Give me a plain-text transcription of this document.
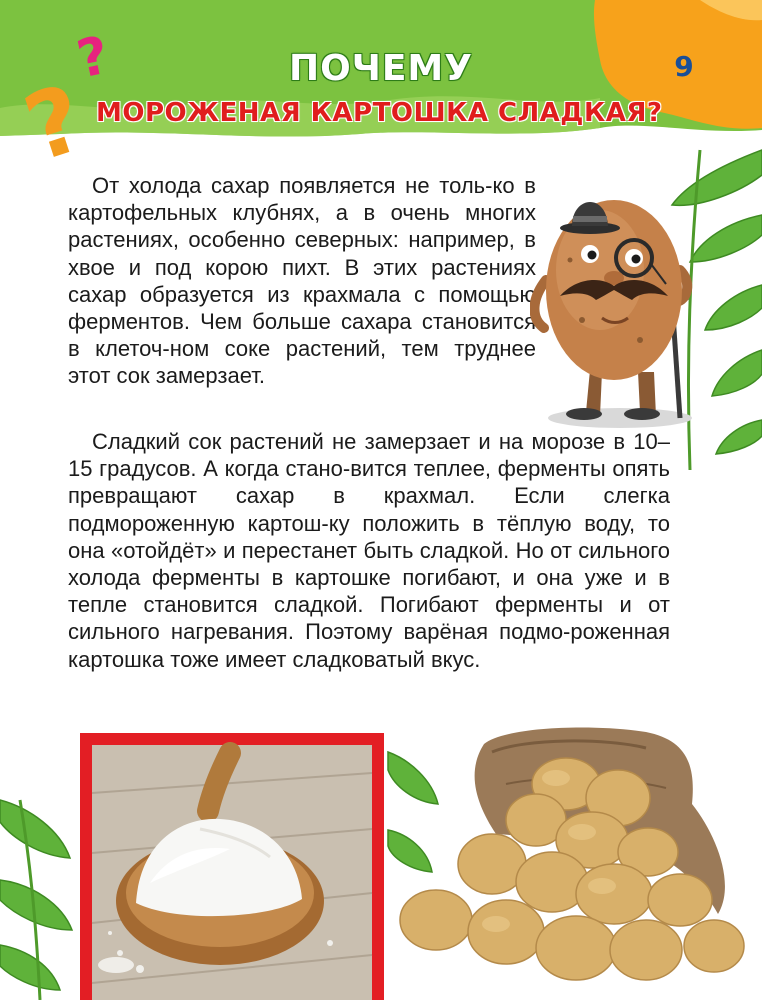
?
?	ПОЧЕМУ
МОРОЖЕНАЯ КАРТОШКА СЛАДКАЯ?
9

От холода сахар появляется не толь-ко в картофельных клубнях, а в очень многих растениях, особенно северных: например, в хвое и под корою пихт. В этих растениях сахар образуется из крахмала с помощью ферментов. Чем больше сахара становится в клеточ-ном соке растений, тем труднее этот сок замерзает.

Сладкий сок растений не замерзает и на морозе в 10–15 градусов. А когда стано-вится теплее, ферменты опять превращают сахар в крахмал. Если слегка подмороженную картош-ку положить в тёплую воду, то она «отойдёт» и перестанет быть сладкой. Но от сильного холода ферменты в картошке погибают, и она уже и в тепле становится сладкой. Погибают ферменты и от сильного нагревания. Поэтому варёная подмо-роженная картошка тоже имеет сладковатый вкус.
